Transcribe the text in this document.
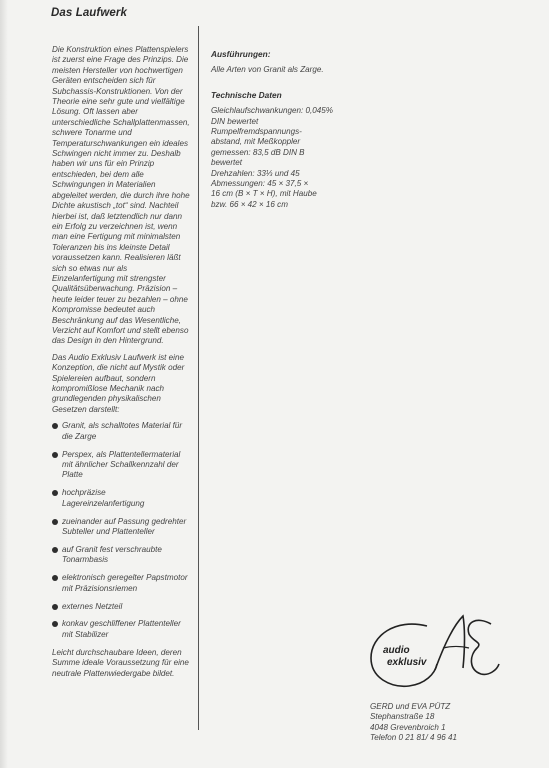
Das Laufwerk

Die Konstruktion eines Plattenspielers ist zuerst eine Frage des Prinzips. Die meisten Hersteller von hochwertigen Geräten entscheiden sich für Subchassis-Konstruktionen. Von der Theorie eine sehr gute und vielfältige Lösung. Oft lassen aber unterschiedliche Schallplattenmassen, schwere Tonarme und Temperaturschwankungen ein ideales Schwingen nicht immer zu. Deshalb haben wir uns für ein Prinzip entschieden, bei dem alle Schwingungen in Materialien abgeleitet werden, die durch ihre hohe Dichte akustisch „tot“ sind. Nachteil hierbei ist, daß letztendlich nur dann ein Erfolg zu verzeichnen ist, wenn man eine Fertigung mit minimalsten Toleranzen bis ins kleinste Detail voraussetzen kann. Realisieren läßt sich so etwas nur als Einzelanfertigung mit strengster Qualitätsüberwachung. Präzision – heute leider teuer zu bezahlen – ohne Kompromisse bedeutet auch Beschränkung auf das Wesentliche, Verzicht auf Komfort und stellt ebenso das Design in den Hintergrund.

Das Audio Exklusiv Laufwerk ist eine Konzeption, die nicht auf Mystik oder Spielereien aufbaut, sondern kompromißlose Mechanik nach grundlegenden physikalischen Gesetzen darstellt:

Granit, als schalltotes Material für die Zarge
Perspex, als Plattentellermaterial mit ähnlicher Schallkennzahl der Platte
hochpräzise Lagereinzelanfertigung
zueinander auf Passung gedrehter Subteller und Plattenteller
auf Granit fest verschraubte Tonarmbasis
elektronisch geregelter Papstmotor mit Präzisionsriemen
externes Netzteil
konkav geschliffener Plattenteller mit Stabilizer

Leicht durchschaubare Ideen, deren Summe ideale Voraussetzung für eine neutrale Plattenwiedergabe bildet.

Ausführungen:
Alle Arten von Granit als Zarge.
Technische Daten
Gleichlaufschwankungen: 0,045%
DIN bewertet
Rumpelfremdspannungs-
abstand, mit Meßkoppler
gemessen: 83,5 dB DIN B
bewertet
Drehzahlen: 33⅓ und 45
Abmessungen: 45 × 37,5 ×
16 cm (B × T × H), mit Haube
bzw. 66 × 42 × 16 cm
audio
exklusiv
GERD und EVA PÜTZ
Stephanstraße 18
4048 Grevenbroich 1
Telefon 0 21 81/ 4 96 41
